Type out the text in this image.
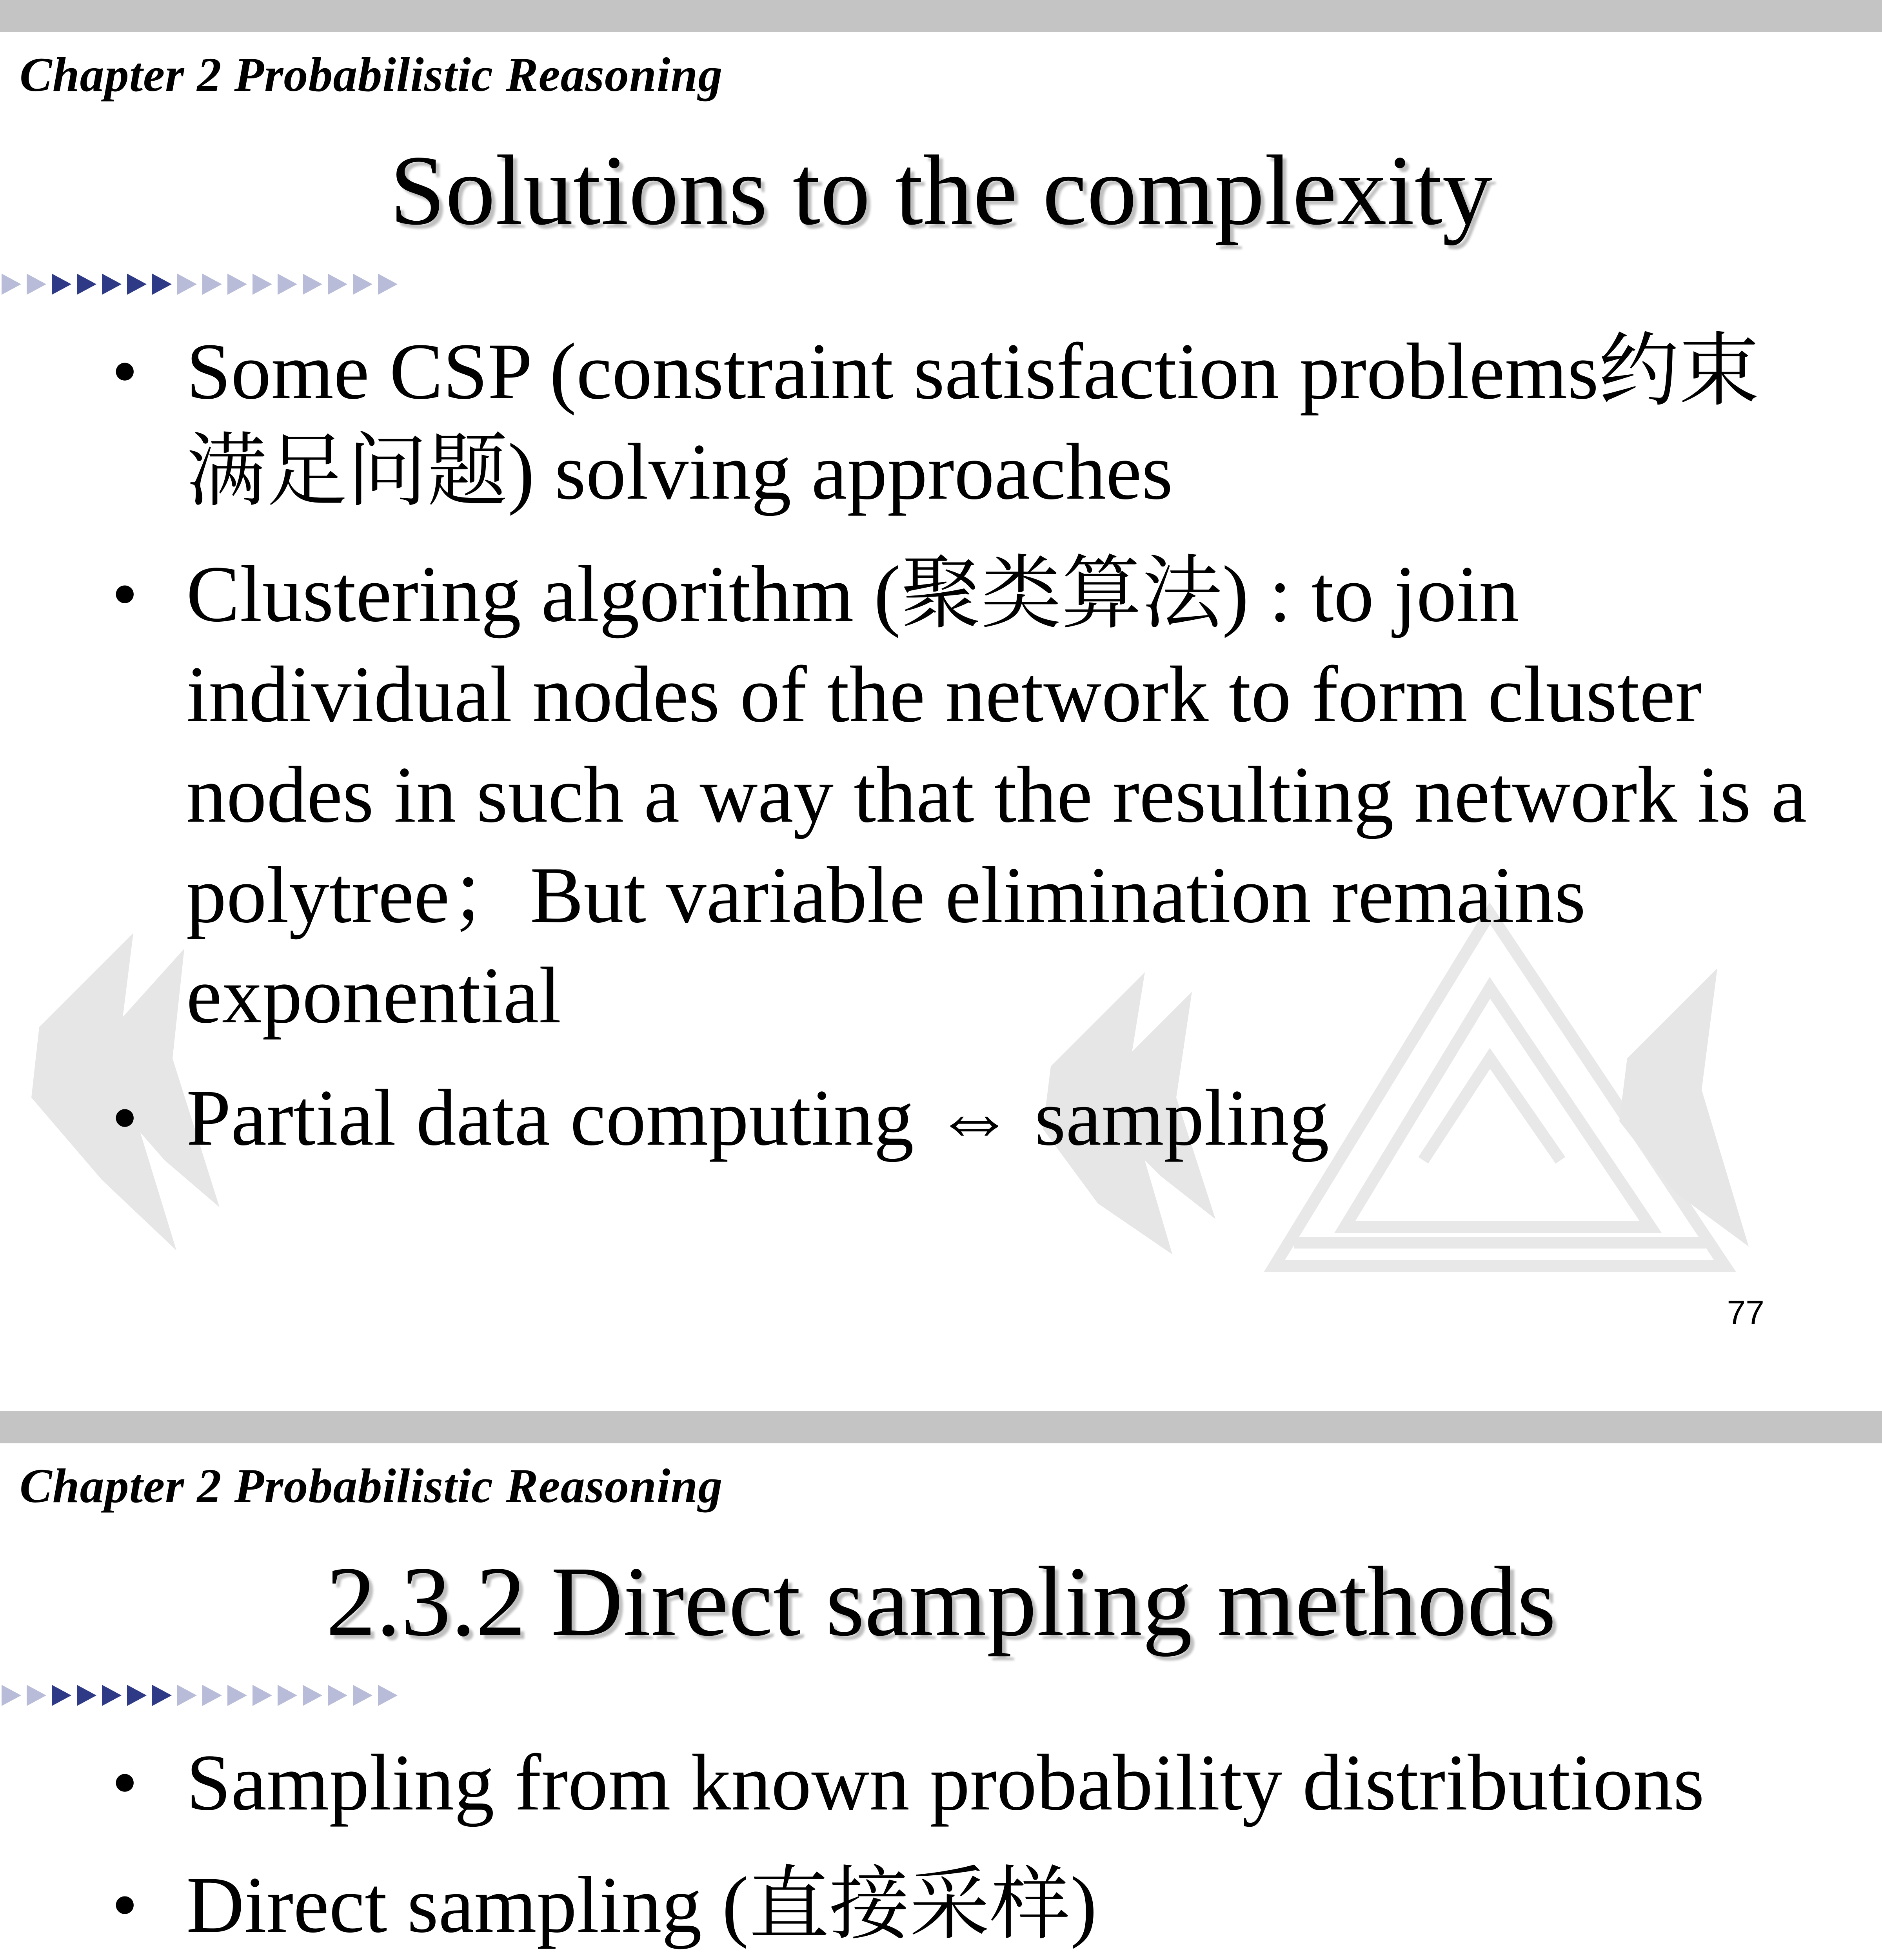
Chapter 2 Probabilistic Reasoning
Solutions to the complexity
• Some CSP (constraint satisfaction problems约束满足问题) solving approaches
• Clustering algorithm (聚类算法) : to join individual nodes of the network to form cluster nodes in such a way that the resulting network is a polytree；But variable elimination remains exponential
• Partial data computing ⇔ sampling
77
Chapter 2 Probabilistic Reasoning
2.3.2 Direct sampling methods
• Sampling from known probability distributions
• Direct sampling (直接采样)
